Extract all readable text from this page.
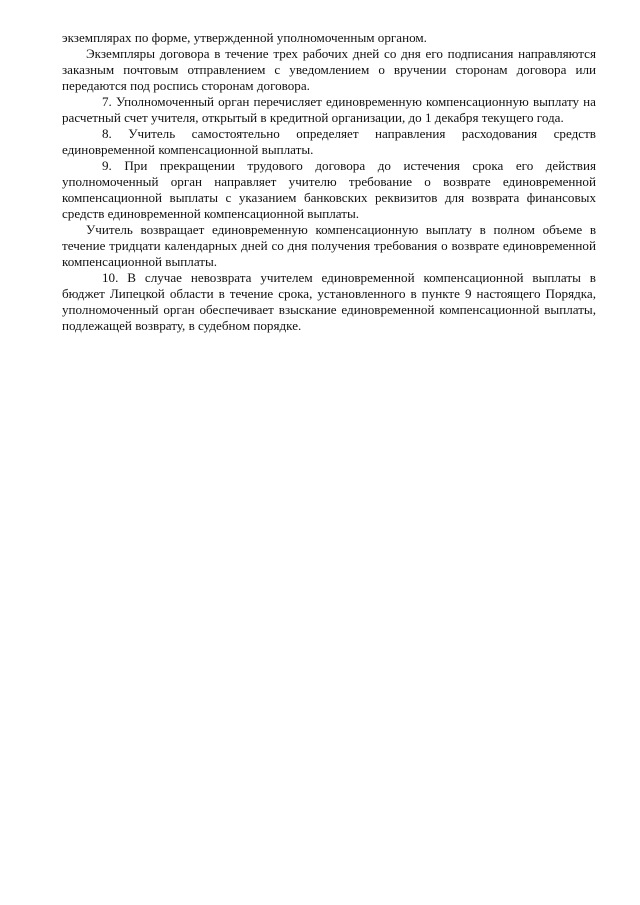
экземплярах по форме, утвержденной уполномоченным органом.

Экземпляры договора в течение трех рабочих дней со дня его подписания направляются заказным почтовым отправлением с уведомлением о вручении сторонам договора или передаются под роспись сторонам договора.

7. Уполномоченный орган перечисляет единовременную компенсационную выплату на расчетный счет учителя, открытый в кредитной организации, до 1 декабря текущего года.

8. Учитель самостоятельно определяет направления расходования средств единовременной компенсационной выплаты.

9. При прекращении трудового договора до истечения срока его действия уполномоченный орган направляет учителю требование о возврате единовременной компенсационной выплаты с указанием банковских реквизитов для возврата финансовых средств единовременной компенсационной выплаты.

Учитель возвращает единовременную компенсационную выплату в полном объеме в течение тридцати календарных дней со дня получения требования о возврате единовременной компенсационной выплаты.

10. В случае невозврата учителем единовременной компенсационной выплаты в бюджет Липецкой области в течение срока, установленного в пункте 9 настоящего Порядка, уполномоченный орган обеспечивает взыскание единовременной компенсационной выплаты, подлежащей возврату, в судебном порядке.
